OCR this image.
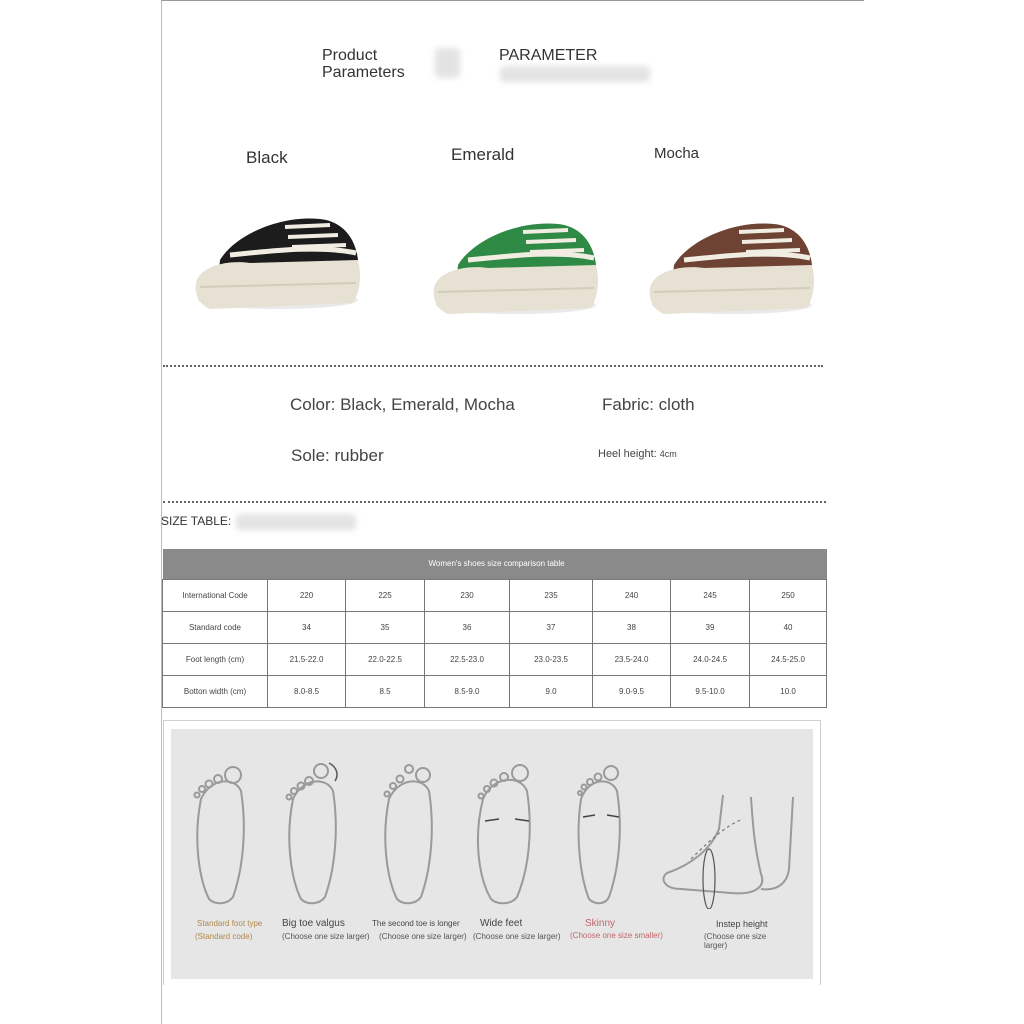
Product Parameters
PARAMETER
Black	Emerald	Mocha
Color: Black, Emerald, Mocha	Fabric: cloth
Sole: rubber	Heel height: 4cm
SIZE TABLE:
Women's shoes size comparison table							

International Code	220	225	230	235	240	245	250
Standard code	34	35	36	37	38	39	40
Foot length (cm)	21.5-22.0	22.0-22.5	22.5-23.0	23.0-23.5	23.5-24.0	24.0-24.5	24.5-25.0
Botton width (cm)	8.0-8.5	8.5	8.5-9.0	9.0	9.0-9.5	9.5-10.0	10.0
Standard foot type
(Standard code)
Big toe valgus
(Choose one size larger)
The second toe is longer
(Choose one size larger)
Wide feet
(Choose one size larger)
Skinny
(Choose one size smaller)
Instep height
(Choose one size larger)
